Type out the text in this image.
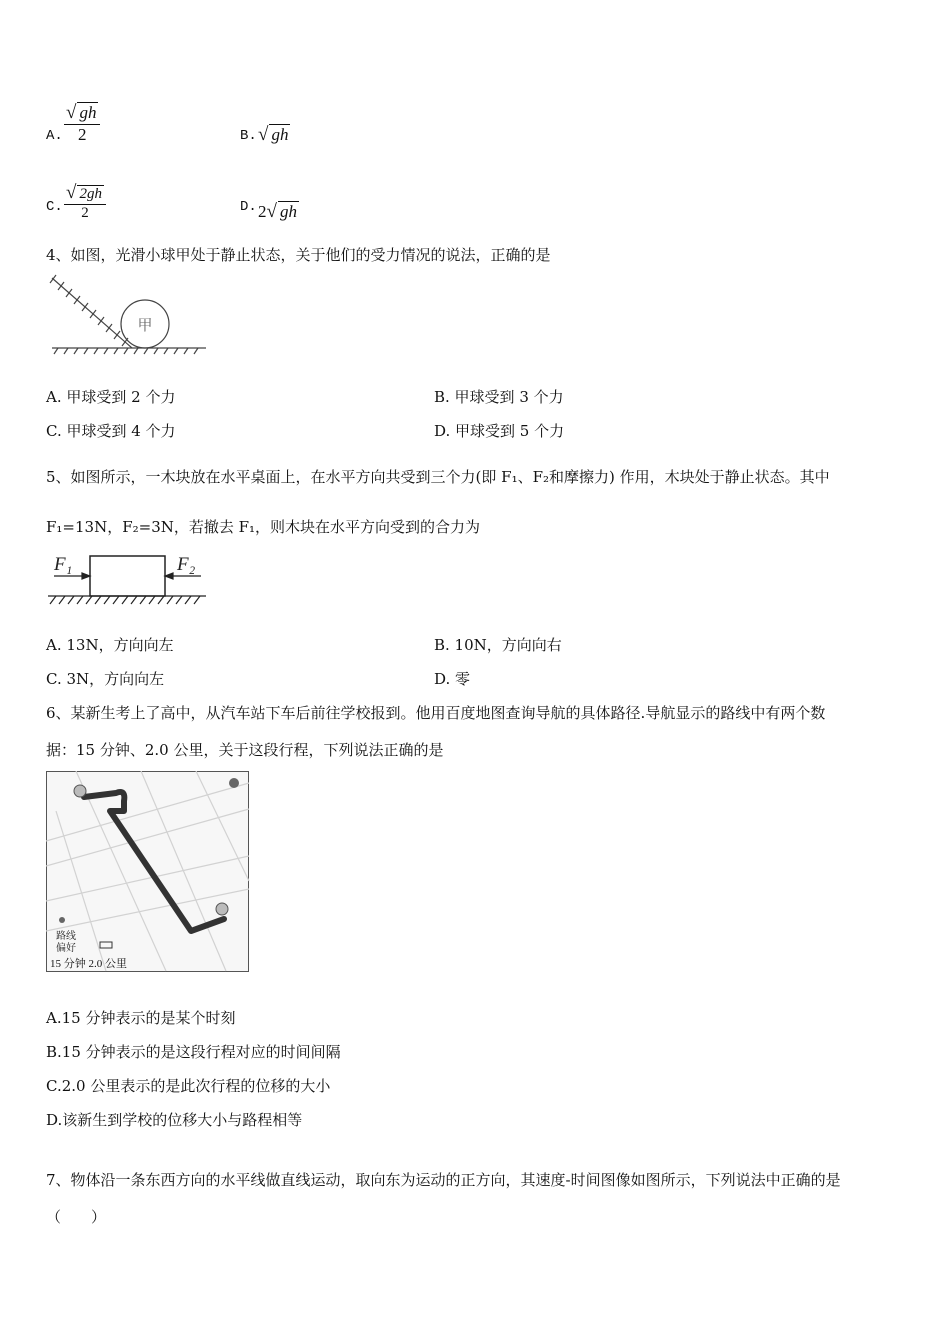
A. $\frac{√ gh}{2}$	B. √ gh
C. $\frac{√ 2gh}{2}$	D. 2√ gh
4、如图，光滑小球甲处于静止状态，关于他们的受力情况的说法，正确的是
甲
A. 甲球受到 2 个力	B. 甲球受到 3 个力
C. 甲球受到 4 个力	D. 甲球受到 5 个力
5、如图所示，一木块放在水平桌面上，在水平方向共受到三个力(即 F₁、F₂和摩擦力) 作用，木块处于静止状态。其中
F₁=13N，F₂=3N，若撤去 F₁，则木块在水平方向受到的合力为
F₁	F₂
A. 13N，方向向左	B. 10N，方向向右
C. 3N，方向向左	D. 零
6、某新生考上了高中，从汽车站下车后前往学校报到。他用百度地图查询导航的具体路径.导航显示的路线中有两个数
据：15 分钟、2.0 公里，关于这段行程，下列说法正确的是
路线
偏好
15 分钟 2.0 公里
A.15 分钟表示的是某个时刻
B.15 分钟表示的是这段行程对应的时间间隔
C.2.0 公里表示的是此次行程的位移的大小
D.该新生到学校的位移大小与路程相等
7、物体沿一条东西方向的水平线做直线运动，取向东为运动的正方向，其速度-时间图像如图所示，下列说法中正确的是
（　　）
